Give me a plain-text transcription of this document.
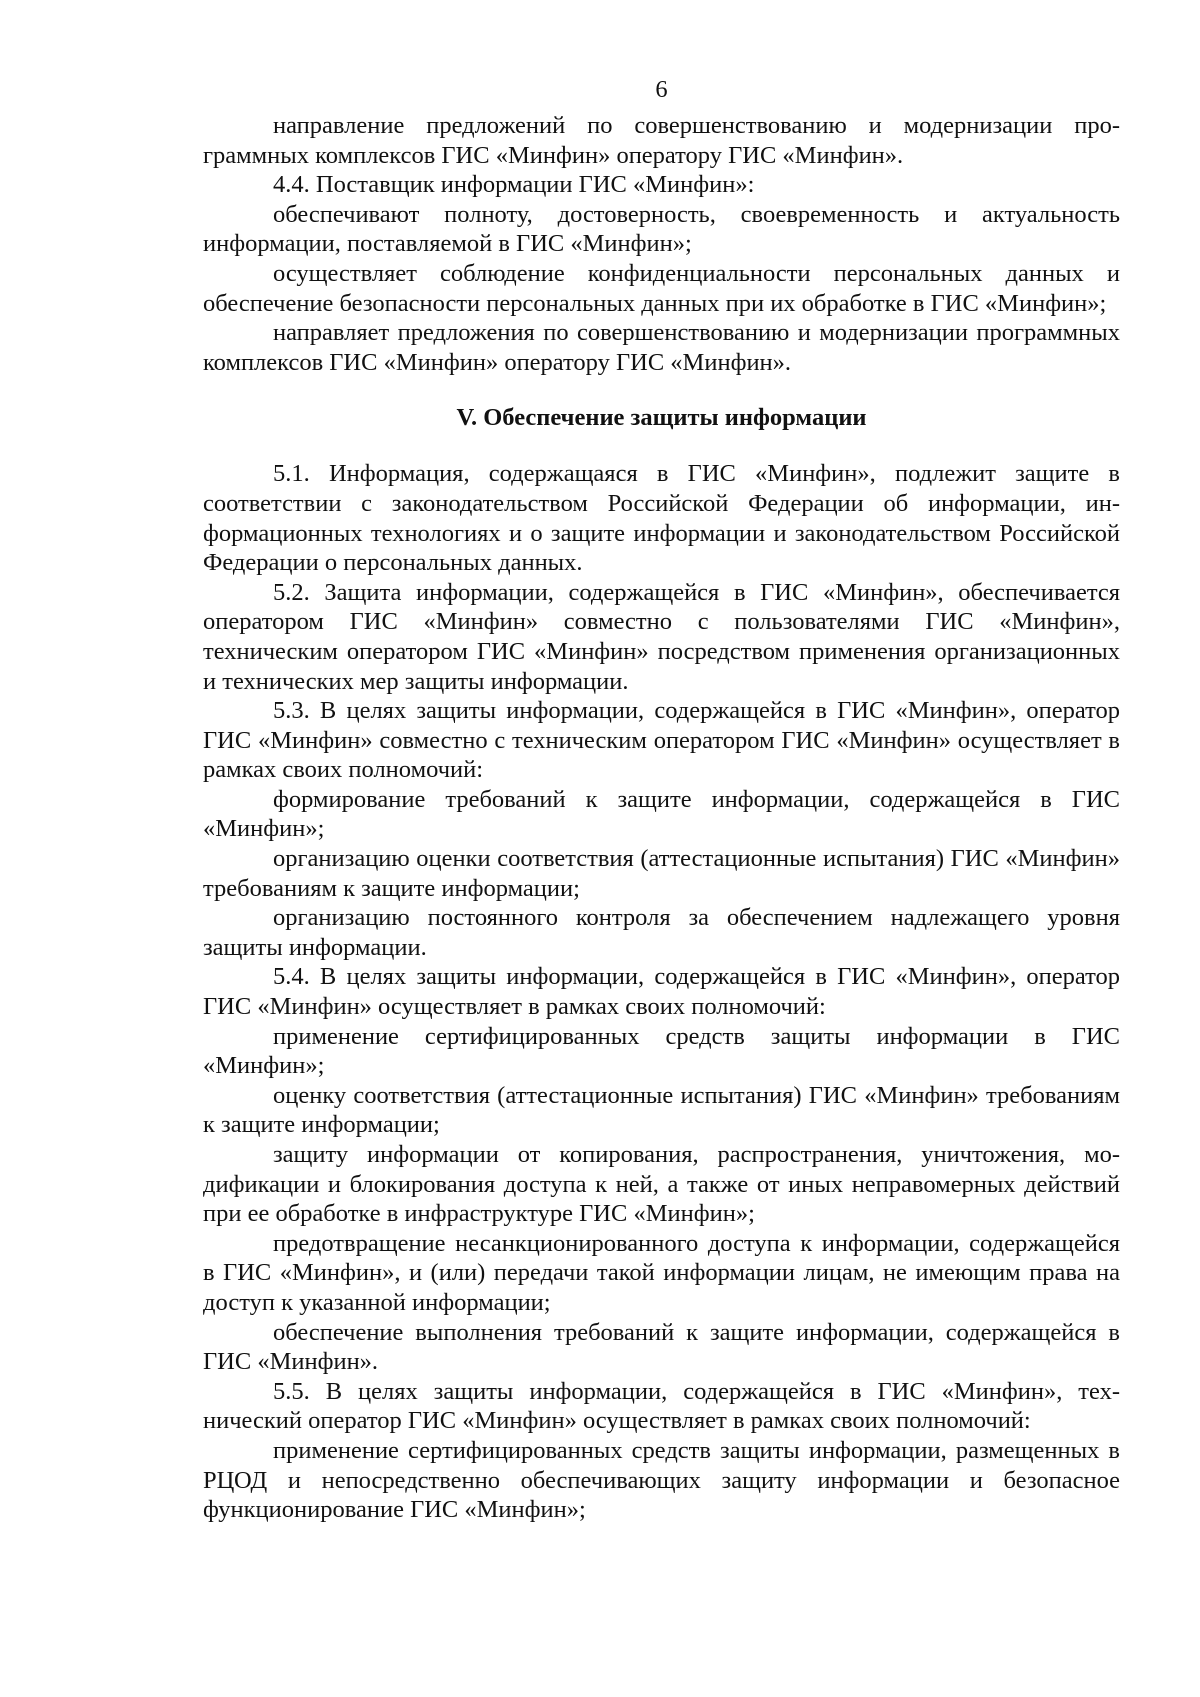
6

направление предложений по совершенствованию и модернизации программных комплексов ГИС «Минфин» оператору ГИС «Минфин».

4.4. Поставщик информации ГИС «Минфин»:

обеспечивают полноту, достоверность, своевременность и актуальность информации, поставляемой в ГИС «Минфин»;

осуществляет соблюдение конфиденциальности персональных данных и обеспечение безопасности персональных данных при их обработке в ГИС «Минфин»;

направляет предложения по совершенствованию и модернизации программных комплексов ГИС «Минфин» оператору ГИС «Минфин».

V. Обеспечение защиты информации

5.1. Информация, содержащаяся в ГИС «Минфин», подлежит защите в соответствии с законодательством Российской Федерации об информации, информационных технологиях и о защите информации и законодательством Российской Федерации о персональных данных.

5.2. Защита информации, содержащейся в ГИС «Минфин», обеспечивается оператором ГИС «Минфин» совместно с пользователями ГИС «Минфин», техническим оператором ГИС «Минфин» посредством применения организационных и технических мер защиты информации.

5.3. В целях защиты информации, содержащейся в ГИС «Минфин», оператор ГИС «Минфин» совместно с техническим оператором ГИС «Минфин» осуществляет в рамках своих полномочий:

формирование требований к защите информации, содержащейся в ГИС «Минфин»;

организацию оценки соответствия (аттестационные испытания) ГИС «Минфин» требованиям к защите информации;

организацию постоянного контроля за обеспечением надлежащего уровня защиты информации.

5.4. В целях защиты информации, содержащейся в ГИС «Минфин», оператор ГИС «Минфин» осуществляет в рамках своих полномочий:

применение сертифицированных средств защиты информации в ГИС «Минфин»;

оценку соответствия (аттестационные испытания) ГИС «Минфин» требованиям к защите информации;

защиту информации от копирования, распространения, уничтожения, модификации и блокирования доступа к ней, а также от иных неправомерных действий при ее обработке в инфраструктуре ГИС «Минфин»;

предотвращение несанкционированного доступа к информации, содержащейся в ГИС «Минфин», и (или) передачи такой информации лицам, не имеющим права на доступ к указанной информации;

обеспечение выполнения требований к защите информации, содержащейся в ГИС «Минфин».

5.5. В целях защиты информации, содержащейся в ГИС «Минфин», технический оператор ГИС «Минфин» осуществляет в рамках своих полномочий:

применение сертифицированных средств защиты информации, размещенных в РЦОД и непосредственно обеспечивающих защиту информации и безопасное функционирование ГИС «Минфин»;
